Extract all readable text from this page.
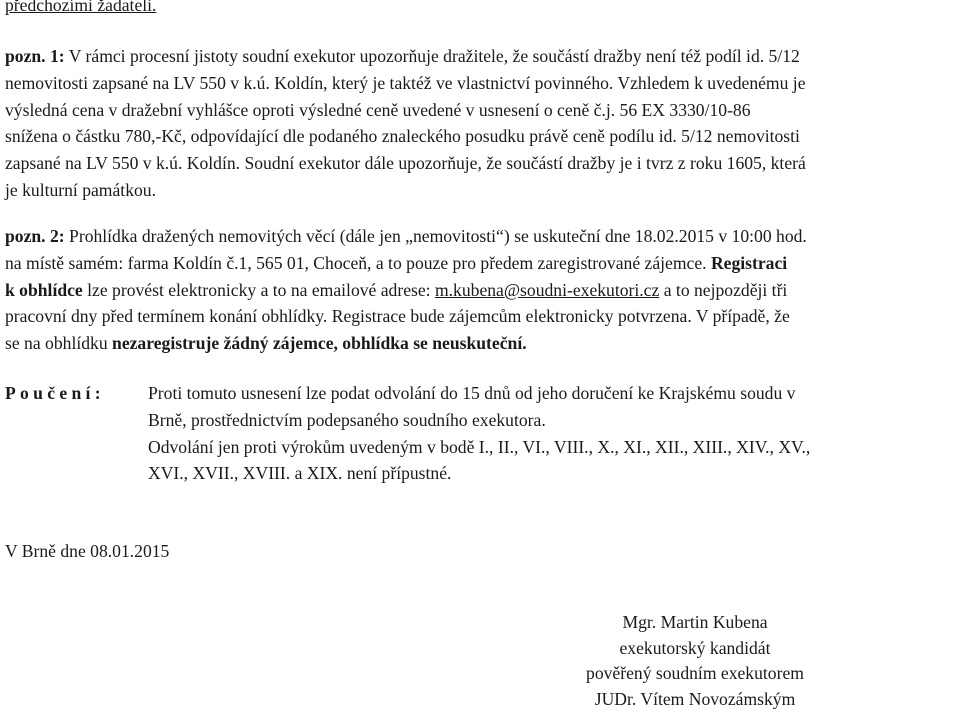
předchozími žadateli.
pozn. 1: V rámci procesní jistoty soudní exekutor upozorňuje dražitele, že součástí dražby není též podíl id. 5/12
nemovitosti zapsané na LV 550 v k.ú. Koldín, který je taktéž ve vlastnictví povinného. Vzhledem k uvedenému je
výsledná cena v dražební vyhlášce oproti výsledné ceně uvedené v usnesení o ceně č.j. 56 EX 3330/10-86
snížena o částku 780,-Kč, odpovídající dle podaného znaleckého posudku právě ceně podílu id. 5/12 nemovitosti
zapsané na LV 550 v k.ú. Koldín. Soudní exekutor dále upozorňuje, že součástí dražby je i tvrz z roku 1605, která
je kulturní památkou.
pozn. 2: Prohlídka dražených nemovitých věcí (dále jen „nemovitosti“) se uskuteční dne 18.02.2015 v 10:00 hod.
na místě samém: farma Koldín č.1, 565 01, Choceň, a to pouze pro předem zaregistrované zájemce. Registraci
k obhlídce lze provést elektronicky a to na emailové adrese: m.kubena@soudni-exekutori.cz a to nejpozději tři
pracovní dny před termínem konání obhlídky. Registrace bude zájemcům elektronicky potvrzena. V případě, že
se na obhlídku nezaregistruje žádný zájemce, obhlídka se neuskuteční.
Poučení: Proti tomuto usnesení lze podat odvolání do 15 dnů od jeho doručení ke Krajskému soudu v
Brně, prostřednictvím podepsaného soudního exekutora.
Odvolání jen proti výrokům uvedeným v bodě I., II., VI., VIII., X., XI., XII., XIII., XIV., XV.,
XVI., XVII., XVIII. a XIX. není přípustné.
V Brně dne 08.01.2015
Mgr. Martin Kubena
exekutorský kandidát
pověřený soudním exekutorem
JUDr. Vítem Novozámským
